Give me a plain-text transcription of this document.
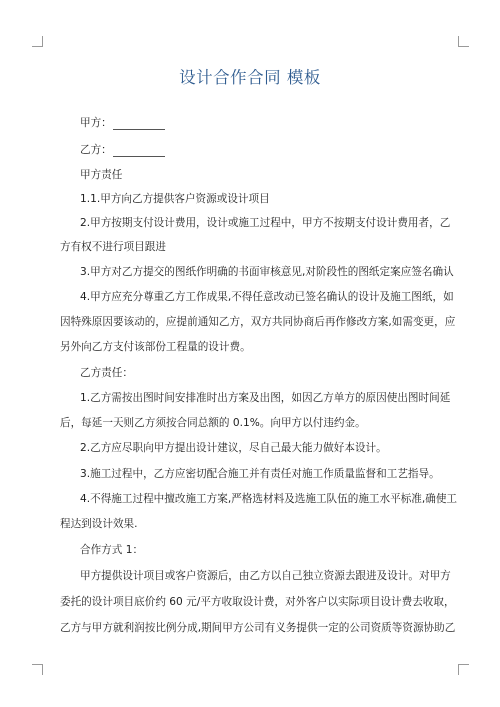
设计合作合同 模板
甲方：
乙方：
甲方责任
1.1.甲方向乙方提供客户资源或设计项目
2.甲方按期支付设计费用，设计或施工过程中，甲方不按期支付设计费用者，乙
方有权不进行项目跟进
3.甲方对乙方提交的图纸作明确的书面审核意见,对阶段性的图纸定案应签名确认
4.甲方应充分尊重乙方工作成果,不得任意改动已签名确认的设计及施工图纸，如
因特殊原因要该动的，应提前通知乙方，双方共同协商后再作修改方案,如需变更，应
另外向乙方支付该部份工程量的设计费。
乙方责任：
1.乙方需按出图时间安排准时出方案及出图，如因乙方单方的原因使出图时间延
后，每延一天则乙方须按合同总额的 0.1%。向甲方以付违约金。
2.乙方应尽职向甲方提出设计建议，尽自己最大能力做好本设计。
3.施工过程中，乙方应密切配合施工并有责任对施工作质量监督和工艺指导。
4.不得施工过程中擅改施工方案,严格选材料及选施工队伍的施工水平标准,确使工
程达到设计效果.
合作方式 1：
甲方提供设计项目或客户资源后，由乙方以自己独立资源去跟进及设计。对甲方
委托的设计项目底价约 60 元/平方收取设计费，对外客户以实际项目设计费去收取，
乙方与甲方就利润按比例分成,期间甲方公司有义务提供一定的公司资质等资源协助乙
